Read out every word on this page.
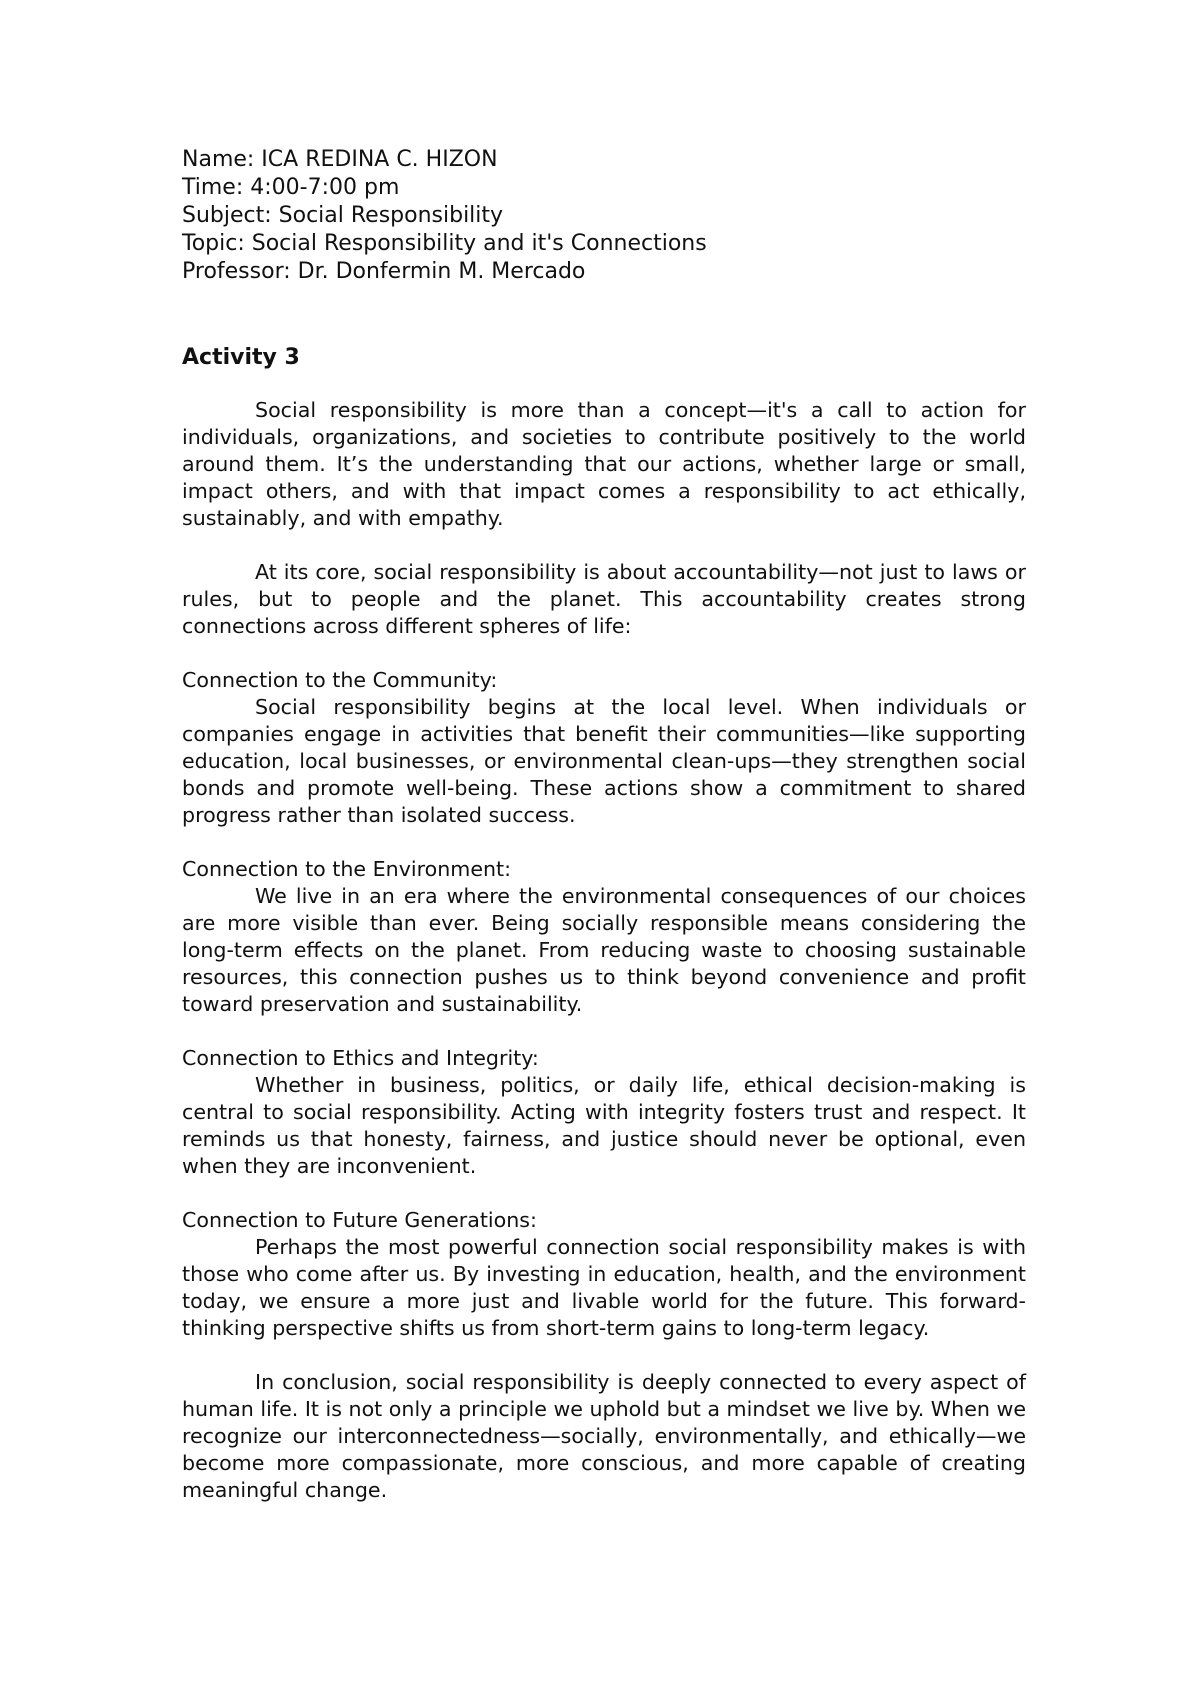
Name: ICA REDINA C. HIZON

Time: 4:00-7:00 pm

Subject: Social Responsibility

Topic: Social Responsibility and it's Connections

Professor: Dr. Donfermin M. Mercado

Activity 3

Social responsibility is more than a concept—it's a call to action for individuals, organizations, and societies to contribute positively to the world around them. It’s the understanding that our actions, whether large or small, impact others, and with that impact comes a responsibility to act ethically, sustainably, and with empathy.

At its core, social responsibility is about accountability—not just to laws or rules, but to people and the planet. This accountability creates strong connections across different spheres of life:

Connection to the Community:

Social responsibility begins at the local level. When individuals or companies engage in activities that benefit their communities—like supporting education, local businesses, or environmental clean-ups—they strengthen social bonds and promote well-being. These actions show a commitment to shared progress rather than isolated success.

Connection to the Environment:

We live in an era where the environmental consequences of our choices are more visible than ever. Being socially responsible means considering the long-term effects on the planet. From reducing waste to choosing sustainable resources, this connection pushes us to think beyond convenience and profit toward preservation and sustainability.

Connection to Ethics and Integrity:

Whether in business, politics, or daily life, ethical decision-making is central to social responsibility. Acting with integrity fosters trust and respect. It reminds us that honesty, fairness, and justice should never be optional, even when they are inconvenient.

Connection to Future Generations:

Perhaps the most powerful connection social responsibility makes is with those who come after us. By investing in education, health, and the environment today, we ensure a more just and livable world for the future. This forward-thinking perspective shifts us from short-term gains to long-term legacy.

In conclusion, social responsibility is deeply connected to every aspect of human life. It is not only a principle we uphold but a mindset we live by. When we recognize our interconnectedness—socially, environmentally, and ethically—we become more compassionate, more conscious, and more capable of creating meaningful change.
